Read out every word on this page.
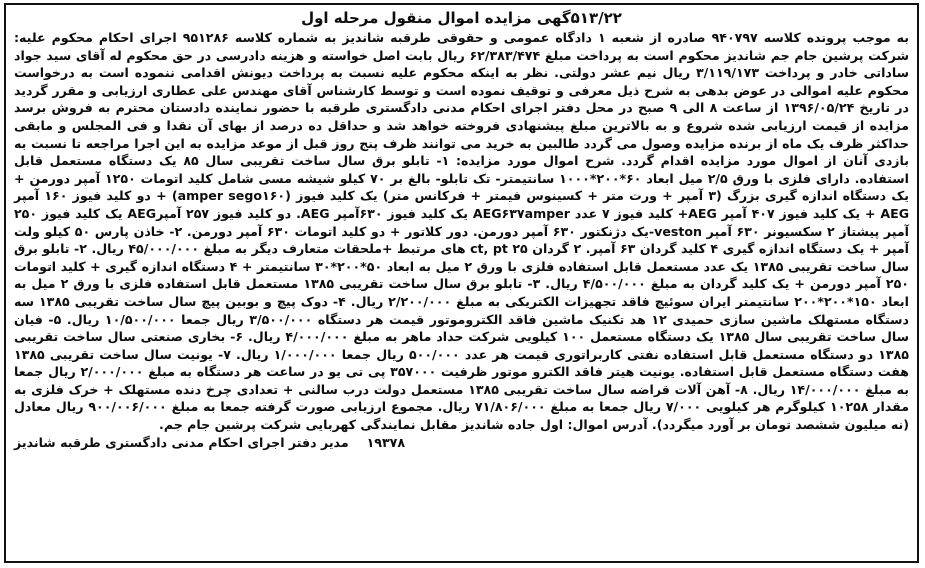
۵۱۳/۲۲گهی مزایده اموال منقول مرحله اول

به موجب پرونده کلاسه ۹۴۰۷۹۷ صادره از شعبه ۱ دادگاه عمومی و حقوقی طرقبه شاندیز به شماره کلاسه ۹۵۱۲۸۶ اجرای احکام محکوم علیه: شرکت پرشین جام جم شاندیز محکوم است به پرداخت مبلغ ۶۲/۳۸۳/۴۷۴ ریال بابت اصل خواسته و هزینه دادرسی در حق محکوم له آقای سید جواد ساداتی خادر و پرداخت ۳/۱۱۹/۱۷۳ ریال نیم عشر دولتی. نظر به اینکه محکوم علیه نسبت به پرداخت دیونش اقدامی ننموده است به درخواست محکوم علیه اموالی در عوض بدهی به شرح ذیل معرفی و توقیف نموده است و توسط کارشناس آقای مهندس علی عطاری ارزیابی و مقرر گردید در تاریخ ۱۳۹۶/۰۵/۲۴ از ساعت ۸ الی ۹ صبح در محل دفتر اجرای احکام مدنی دادگستری طرقبه با حضور نماینده دادستان محترم به فروش برسد مزایده از قیمت ارزیابی شده شروع و به بالاترین مبلغ پیشنهادی فروخته خواهد شد و حداقل ده درصد از بهای آن نقدا و فی المجلس و مابقی حداکثر ظرف یک ماه از برنده مزایده وصول می گردد طالبین به خرید می توانند ظرف پنج روز قبل از موعد مزایده به این اجرا مراجعه تا نسبت به بازدی آنان از اموال مورد مزایده اقدام گردد. شرح اموال مورد مزایده: ۱- تابلو برق سال ساخت تقریبی سال ۸۵ یک دستگاه مستعمل قابل استفاده. دارای فلزی با ورق ۲/۵ میل ابعاد ۶۰*۲۰۰*۱۰۰۰ سانتیمتر- تک تابلو- بالغ بر ۷۰ کیلو شیشه مسی شامل کلید اتومات ۱۲۵۰ آمپر دورمن + یک دستگاه اندازه گیری بزرگ (۳ آمپر + ورت متر + کسینوس فیمتر + فرکانس متر) یک کلید فیوز (amper sego۱۶۰) + دو کلید فیوز ۱۶۰ آمپر AEG + یک کلید فیوز ۴۰۷ آمپر AEG+ کلید فیوز ۷ عدد AEG۶۳۷amper یک کلید فیوز ۶۳۰آمپر AEG. دو کلید فیوز ۲۵۷ آمپرAEG یک کلید فیوز ۲۵۰ آمپر پیشتاز ۲ سکسیونر ۶۳۰ آمپر veston-یک دژنکتور ۶۳۰ آمپر دورمن. دور کلاتور + دو کلید اتومات ۶۳۰ آمپر دورمن. ۲- خاذن پارس ۵۰ کیلو ولت آمپر + یک دستگاه اندازه گیری ۴ کلید گردان ۶۳ آمپر. ۲ گردان ۲۵ ct, pt های مرتبط +ملحقات متعارف دیگر به مبلغ ۴۵/۰۰۰/۰۰۰ ریال. ۲- تابلو برق سال ساخت تقریبی ۱۳۸۵ یک عدد مستعمل قابل استفاده فلزی با ورق ۲ میل به ابعاد ۵۰*۲۰۰*۳۰ سانتیمتر + ۴ دستگاه اندازه گیری + کلید اتومات ۲۵۰ آمپر دورمن + یک کلید گردان به مبلغ ۴/۵۰۰/۰۰۰ ریال. ۳- تابلو برق سال ساخت تقریبی ۱۳۸۵ مستعمل قابل استفاده فلزی با ورق ۲ میل به ابعاد ۱۵۰*۲۰۰*۲۰۰ سانتیمتر ایران سوئیچ فاقد تجهیزات الکتریکی به مبلغ ۲/۲۰۰/۰۰۰ ریال. ۴- دوک پیچ و بوبین پیچ سال ساخت تقریبی ۱۳۸۵ سه دستگاه مستهلک ماشین سازی حمیدی ۱۲ هد تکنیک ماشین فاقد الکتروموتور قیمت هر دستگاه ۳/۵۰۰/۰۰۰ ریال جمعا ۱۰/۵۰۰/۰۰۰ ریال. ۵- فیان سال ساخت تقریبی سال ۱۳۸۵ یک دستگاه مستعمل ۱۰۰ کیلویی شرکت حداد ماهر به مبلغ ۴/۰۰۰/۰۰۰ ریال. ۶- بخاری صنعتی سال ساخت تقریبی ۱۳۸۵ دو دستگاه مستعمل قابل استفاده نفتی کاربراتوری قیمت هر عدد ۵۰۰/۰۰۰ ریال جمعا ۱/۰۰۰/۰۰۰ ریال. ۷- یونیت سال ساخت تقریبی ۱۳۸۵ هفت دستگاه مستعمل قابل استفاده. یونیت هیتر فاقد الکترو موتور ظرفیت ۳۵۷۰۰۰ پی تی یو در ساعت هر دستگاه به مبلغ ۲/۰۰۰/۰۰۰ ریال جمعا به مبلغ ۱۴/۰۰۰/۰۰۰ ریال. ۸- آهن آلات قراضه سال ساخت تقریبی ۱۳۸۵ مستعمل دولت درب سالنی + تعدادی چرخ دنده مستهلک + خرک فلزی به مقدار ۱۰۲۵۸ کیلوگرم هر کیلویی ۷/۰۰۰ ریال جمعا به مبلغ ۷۱/۸۰۶/۰۰۰ ریال. مجموع ارزیابی صورت گرفته جمعا به مبلغ ۹۰۰/۰۰۶/۰۰۰ ریال معادل (نه میلیون ششصد تومان بر آورد میگردد). آدرس اموال: اول جاده شاندیز مقابل نمایندگی کهربایی شرکت پرشین جام جم.

۱۹۳۷۸
مدیر دفتر اجرای احکام مدنی دادگستری طرقبه شاندیز
